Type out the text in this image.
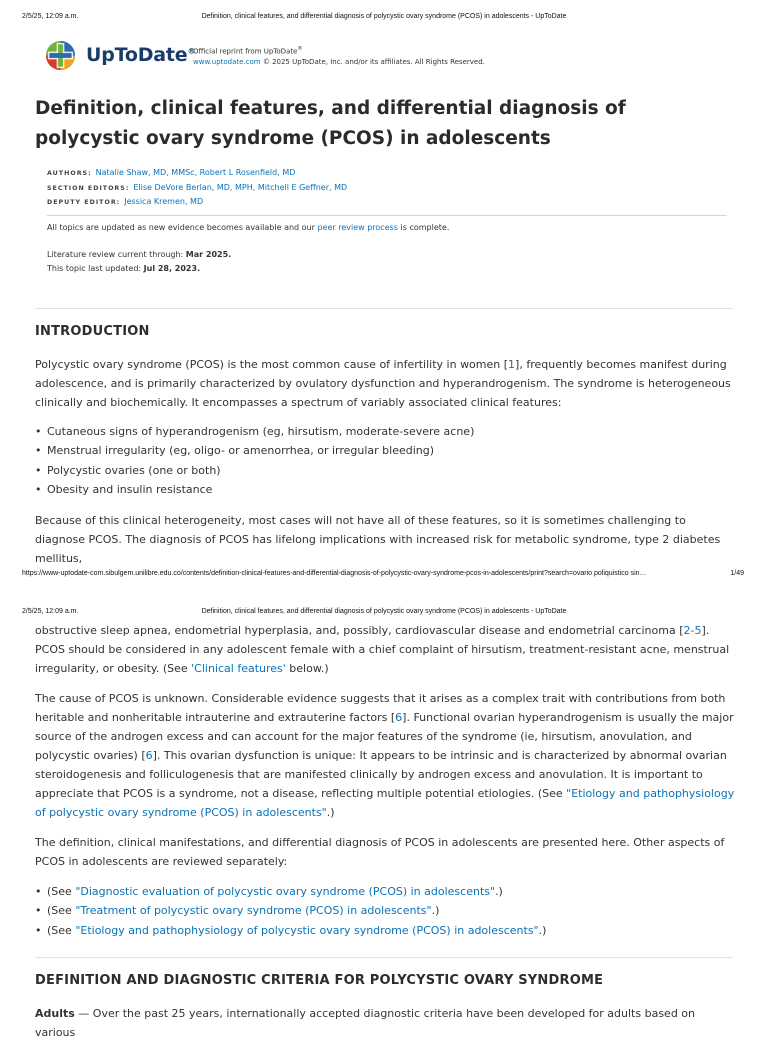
2/5/25, 12:09 a.m.	Definition, clinical features, and differential diagnosis of polycystic ovary syndrome (PCOS) in adolescents - UpToDate
UpToDate®
Official reprint from UpToDate®
www.uptodate.com © 2025 UpToDate, Inc. and/or its affiliates. All Rights Reserved.
Definition, clinical features, and differential diagnosis of polycystic ovary syndrome (PCOS) in adolescents
AUTHORS: Natalie Shaw, MD, MMSc, Robert L Rosenfield, MD
SECTION EDITORS: Elise DeVore Berlan, MD, MPH, Mitchell E Geffner, MD
DEPUTY EDITOR: Jessica Kremen, MD
All topics are updated as new evidence becomes available and our peer review process is complete.
Literature review current through: Mar 2025.
This topic last updated: Jul 28, 2023.
INTRODUCTION

Polycystic ovary syndrome (PCOS) is the most common cause of infertility in women [1], frequently becomes manifest during adolescence, and is primarily characterized by ovulatory dysfunction and hyperandrogenism. The syndrome is heterogeneous clinically and biochemically. It encompasses a spectrum of variably associated clinical features:

• Cutaneous signs of hyperandrogenism (eg, hirsutism, moderate-severe acne)
• Menstrual irregularity (eg, oligo- or amenorrhea, or irregular bleeding)
• Polycystic ovaries (one or both)
• Obesity and insulin resistance

Because of this clinical heterogeneity, most cases will not have all of these features, so it is sometimes challenging to diagnose PCOS. The diagnosis of PCOS has lifelong implications with increased risk for metabolic syndrome, type 2 diabetes mellitus,

https://www-uptodate-com.sibulgem.unilibre.edu.co/contents/definition-clinical-features-and-differential-diagnosis-of-polycystic-ovary-syndrome-pcos-in-adolescents/print?search=ovario poliquistico sin…	1/49
2/5/25, 12:09 a.m.	Definition, clinical features, and differential diagnosis of polycystic ovary syndrome (PCOS) in adolescents - UpToDate

obstructive sleep apnea, endometrial hyperplasia, and, possibly, cardiovascular disease and endometrial carcinoma [2-5]. PCOS should be considered in any adolescent female with a chief complaint of hirsutism, treatment-resistant acne, menstrual irregularity, or obesity. (See 'Clinical features' below.)

The cause of PCOS is unknown. Considerable evidence suggests that it arises as a complex trait with contributions from both heritable and nonheritable intrauterine and extrauterine factors [6]. Functional ovarian hyperandrogenism is usually the major source of the androgen excess and can account for the major features of the syndrome (ie, hirsutism, anovulation, and polycystic ovaries) [6]. This ovarian dysfunction is unique: It appears to be intrinsic and is characterized by abnormal ovarian steroidogenesis and folliculogenesis that are manifested clinically by androgen excess and anovulation. It is important to appreciate that PCOS is a syndrome, not a disease, reflecting multiple potential etiologies. (See "Etiology and pathophysiology of polycystic ovary syndrome (PCOS) in adolescents".)

The definition, clinical manifestations, and differential diagnosis of PCOS in adolescents are presented here. Other aspects of PCOS in adolescents are reviewed separately:

• (See "Diagnostic evaluation of polycystic ovary syndrome (PCOS) in adolescents".)
• (See "Treatment of polycystic ovary syndrome (PCOS) in adolescents".)
• (See "Etiology and pathophysiology of polycystic ovary syndrome (PCOS) in adolescents".)
DEFINITION AND DIAGNOSTIC CRITERIA FOR POLYCYSTIC OVARY SYNDROME

Adults — Over the past 25 years, internationally accepted diagnostic criteria have been developed for adults based on various
